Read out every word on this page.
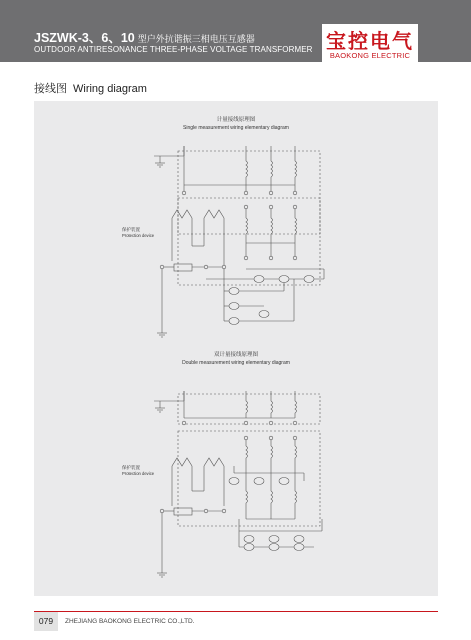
JSZWK-3、6、10 型户外抗谐振三相电压互感器
OUTDOOR ANTIRESONANCE THREE-PHASE VOLTAGE TRANSFORMER 宝控电气
BAOKONG ELECTRIC
接线图 Wiring diagram
计量接线原理图
Single measurement wiring elementary diagram
保护装置
Protection device
双计量接线原理图
Double measurement wiring elementary diagram
保护装置
Protection device
079	ZHEJIANG BAOKONG ELECTRIC CO.,LTD.
